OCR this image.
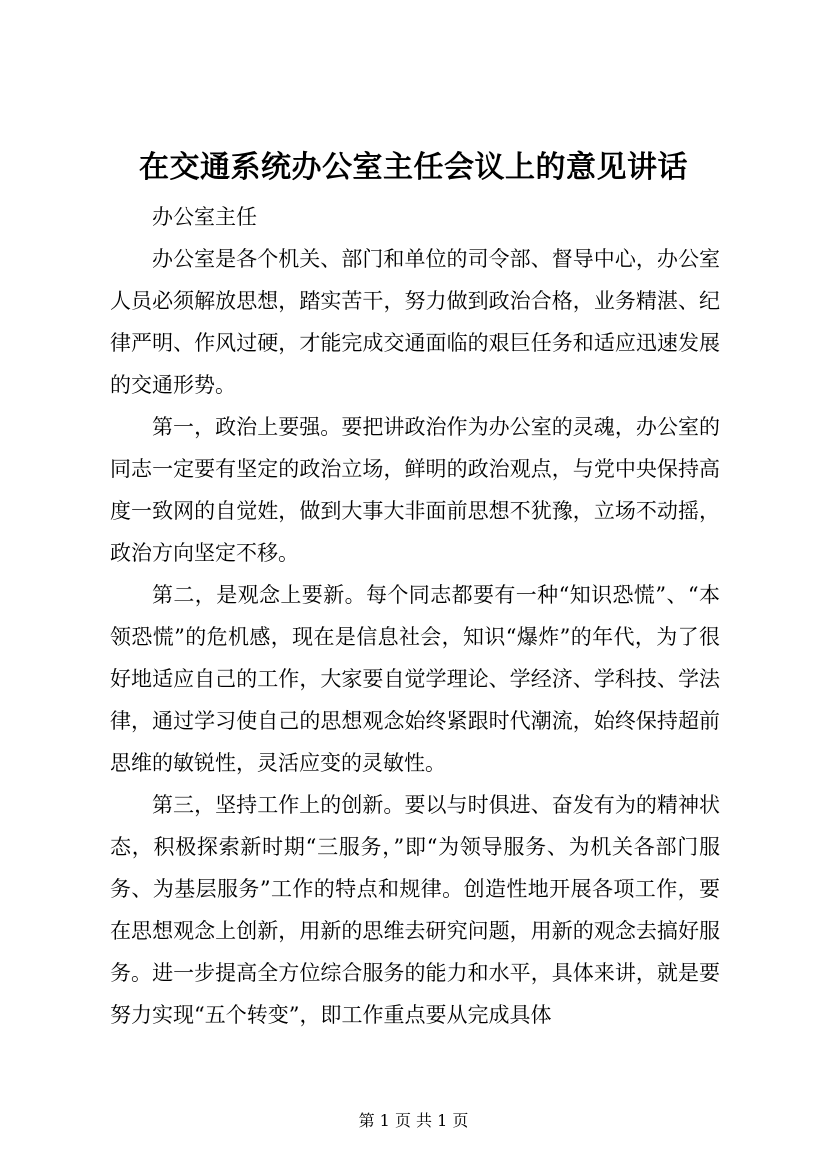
在交通系统办公室主任会议上的意见讲话

办公室主任

办公室是各个机关、部门和单位的司令部、督导中心，办公室人员必须解放思想，踏实苦干，努力做到政治合格，业务精湛、纪律严明、作风过硬，才能完成交通面临的艰巨任务和适应迅速发展的交通形势。

第一，政治上要强。要把讲政治作为办公室的灵魂，办公室的同志一定要有坚定的政治立场，鲜明的政治观点，与党中央保持高度一致网的自觉姓，做到大事大非面前思想不犹豫，立场不动摇，政治方向坚定不移。

第二，是观念上要新。每个同志都要有一种“知识恐慌”、“本领恐慌”的危机感，现在是信息社会，知识“爆炸”的年代，为了很好地适应自己的工作，大家要自觉学理论、学经济、学科技、学法律，通过学习使自己的思想观念始终紧跟时代潮流，始终保持超前思维的敏锐性，灵活应变的灵敏性。

第三，坚持工作上的创新。要以与时俱进、奋发有为的精神状态，积极探索新时期“三服务，”即“为领导服务、为机关各部门服务、为基层服务”工作的特点和规律。创造性地开展各项工作，要在思想观念上创新，用新的思维去研究问题，用新的观念去搞好服务。进一步提高全方位综合服务的能力和水平，具体来讲，就是要努力实现“五个转变”，即工作重点要从完成具体

第 1 页 共 1 页
